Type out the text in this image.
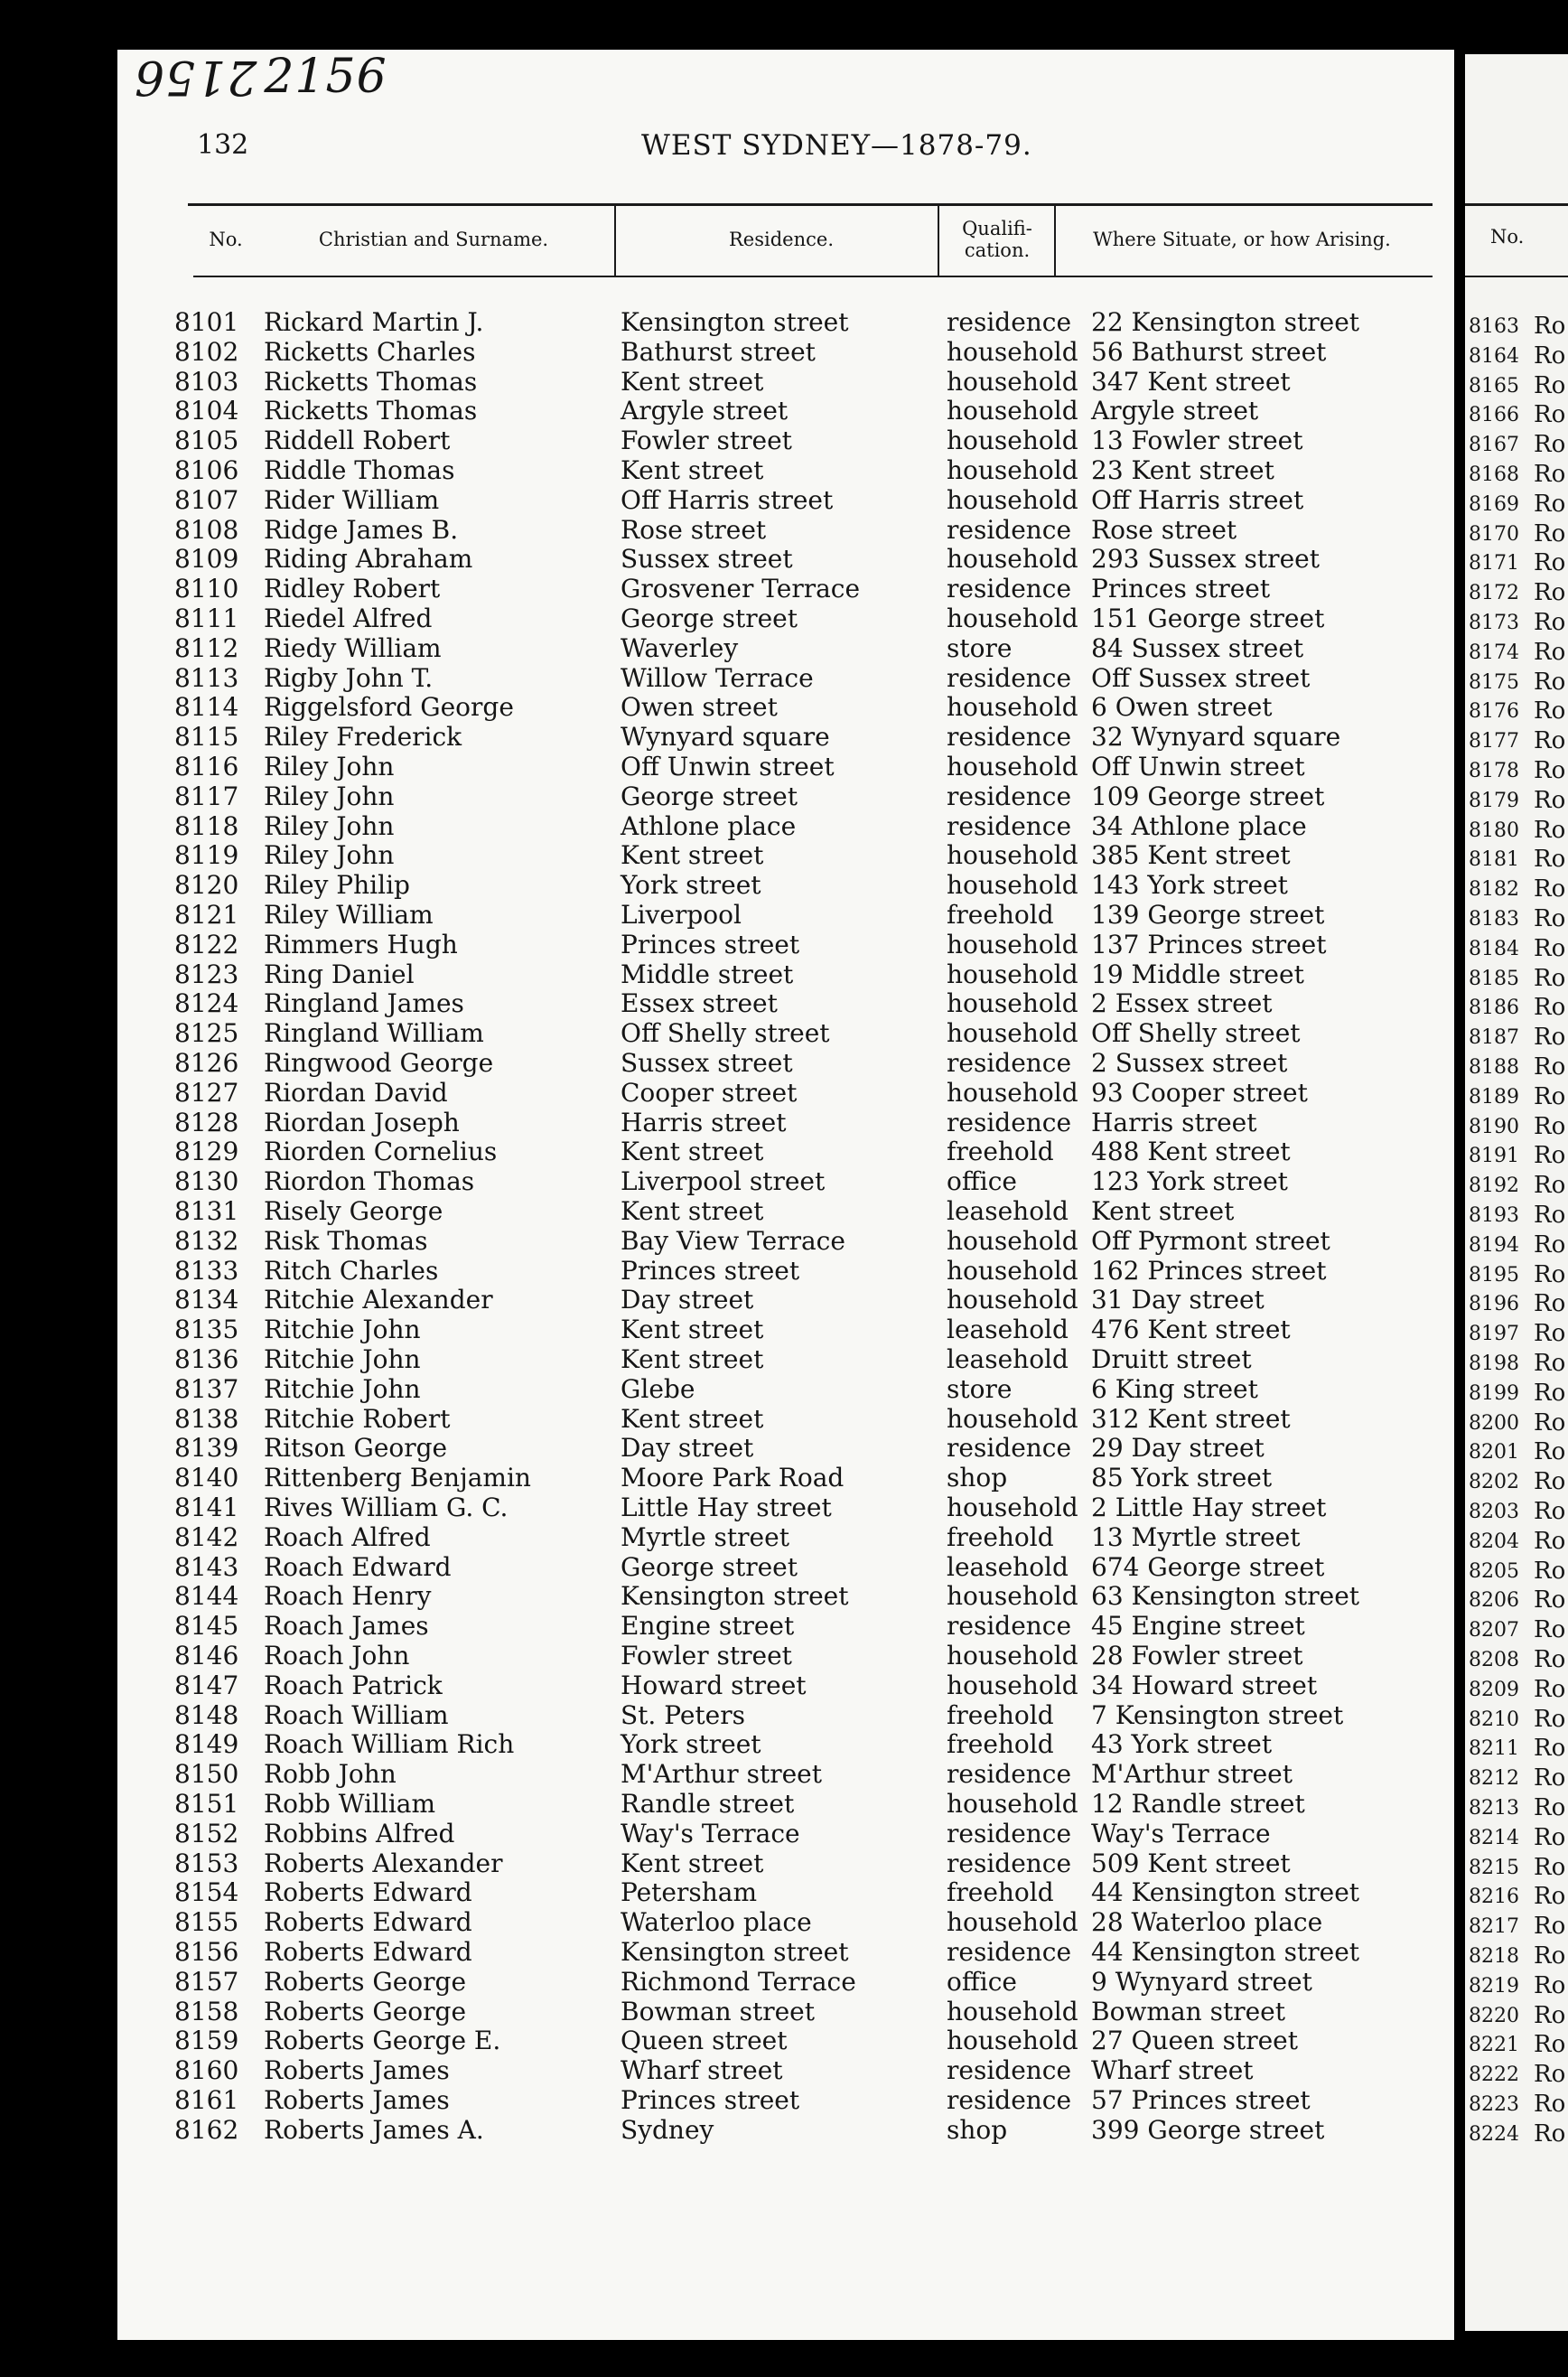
2156 2156
132	WEST SYDNEY—1878-79.
No.	Christian and Surname.	Residence.	Qualifi-
cation.	Where Situate, or how Arising.
8101 Rickard Martin J.	Kensington street	residence 22 Kensington street
8102 Ricketts Charles	Bathurst street	household 56 Bathurst street
8103 Ricketts Thomas	Kent street	household 347 Kent street
8104 Ricketts Thomas	Argyle street	household Argyle street
8105 Riddell Robert	Fowler street	household 13 Fowler street
8106 Riddle Thomas	Kent street	household 23 Kent street
8107 Rider William	Off Harris street	household Off Harris street
8108 Ridge James B.	Rose street	residence Rose street
8109 Riding Abraham	Sussex street	household 293 Sussex street
8110 Ridley Robert	Grosvener Terrace	residence Princes street
8111 Riedel Alfred	George street	household 151 George street
8112 Riedy William	Waverley	store	84 Sussex street
8113 Rigby John T.	Willow Terrace	residence Off Sussex street
8114 Riggelsford George	Owen street	household 6 Owen street
8115 Riley Frederick	Wynyard square	residence 32 Wynyard square
8116 Riley John	Off Unwin street	household Off Unwin street
8117 Riley John	George street	residence 109 George street
8118 Riley John	Athlone place	residence 34 Athlone place
8119 Riley John	Kent street	household 385 Kent street
8120 Riley Philip	York street	household 143 York street
8121 Riley William	Liverpool	freehold 139 George street
8122 Rimmers Hugh	Princes street	household 137 Princes street
8123 Ring Daniel	Middle street	household 19 Middle street
8124 Ringland James	Essex street	household 2 Essex street
8125 Ringland William	Off Shelly street	household Off Shelly street
8126 Ringwood George	Sussex street	residence 2 Sussex street
8127 Riordan David	Cooper street	household 93 Cooper street
8128 Riordan Joseph	Harris street	residence Harris street
8129 Riorden Cornelius	Kent street	freehold 488 Kent street
8130 Riordon Thomas	Liverpool street	office	123 York street
8131 Risely George	Kent street	leasehold Kent street
8132 Risk Thomas	Bay View Terrace	household Off Pyrmont street
8133 Ritch Charles	Princes street	household 162 Princes street
8134 Ritchie Alexander	Day street	household 31 Day street
8135 Ritchie John	Kent street	leasehold 476 Kent street
8136 Ritchie John	Kent street	leasehold Druitt street
8137 Ritchie John	Glebe	store	6 King street
8138 Ritchie Robert	Kent street	household 312 Kent street
8139 Ritson George	Day street	residence 29 Day street
8140 Rittenberg Benjamin	Moore Park Road	shop	85 York street
8141 Rives William G. C.	Little Hay street	household 2 Little Hay street
8142 Roach Alfred	Myrtle street	freehold 13 Myrtle street
8143 Roach Edward	George street	leasehold 674 George street
8144 Roach Henry	Kensington street	household 63 Kensington street
8145 Roach James	Engine street	residence 45 Engine street
8146 Roach John	Fowler street	household 28 Fowler street
8147 Roach Patrick	Howard street	household 34 Howard street
8148 Roach William	St. Peters	freehold 7 Kensington street
8149 Roach William Rich	York street	freehold 43 York street
8150 Robb John	M'Arthur street	residence M'Arthur street
8151 Robb William	Randle street	household 12 Randle street
8152 Robbins Alfred	Way's Terrace	residence Way's Terrace
8153 Roberts Alexander	Kent street	residence 509 Kent street
8154 Roberts Edward	Petersham	freehold 44 Kensington street
8155 Roberts Edward	Waterloo place	household 28 Waterloo place
8156 Roberts Edward	Kensington street	residence 44 Kensington street
8157 Roberts George	Richmond Terrace	office	9 Wynyard street
8158 Roberts George	Bowman street	household Bowman street
8159 Roberts George E.	Queen street	household 27 Queen street
8160 Roberts James	Wharf street	residence Wharf street
8161 Roberts James	Princes street	residence 57 Princes street
8162 Roberts James A.	Sydney	shop	399 George street
No.
8163 Ro
8164 Ro
8165 Ro
8166 Ro
8167 Ro
8168 Ro
8169 Ro
8170 Ro
8171 Ro
8172 Ro
8173 Ro
8174 Ro
8175 Ro
8176 Ro
8177 Ro
8178 Ro
8179 Ro
8180 Ro
8181 Ro
8182 Ro
8183 Ro
8184 Ro
8185 Ro
8186 Ro
8187 Ro
8188 Ro
8189 Ro
8190 Ro
8191 Ro
8192 Ro
8193 Ro
8194 Ro
8195 Ro
8196 Ro
8197 Ro
8198 Ro
8199 Ro
8200 Ro
8201 Ro
8202 Ro
8203 Ro
8204 Ro
8205 Ro
8206 Ro
8207 Ro
8208 Ro
8209 Ro
8210 Ro
8211 Ro
8212 Ro
8213 Ro
8214 Ro
8215 Ro
8216 Ro
8217 Ro
8218 Ro
8219 Ro
8220 Ro
8221 Ro
8222 Ro
8223 Ro
8224 Ro
